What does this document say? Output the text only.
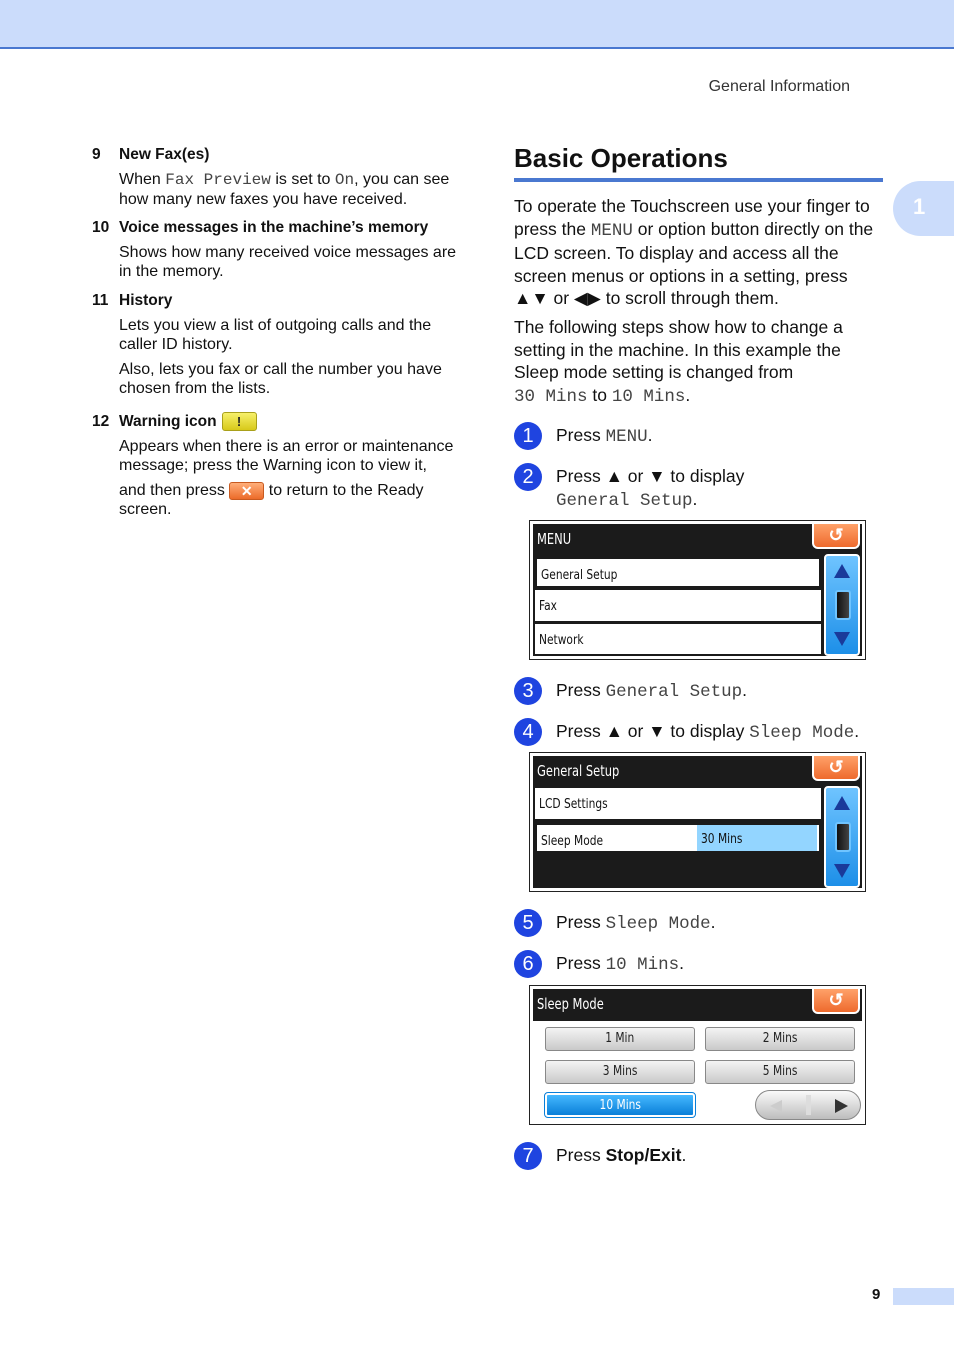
General Information
1
9	New Fax(es)

When Fax Preview is set to On, you can see how many new faxes you have received.

10 Voice messages in the machine’s memory

Shows how many received voice messages are in the memory.

11 History

Lets you view a list of outgoing calls and the caller ID history.

Also, lets you fax or call the number you have chosen from the lists.

12 Warning icon	!

Appears when there is an error or maintenance message; press the Warning icon to view it,

and then press ✕ to return to the Ready screen.

Basic Operations
To operate the Touchscreen use your finger to press the MENU or option button directly on the LCD screen. To display and access all the screen menus or options in a setting, press ▲▼ or ◀▶ to scroll through them.
The following steps show how to change a setting in the machine. In this example the Sleep mode setting is changed from
30 Mins to 10 Mins.
1	Press MENU.
2	Press ▲ or ▼ to display
General Setup.
MENU	↺
General Setup
Fax
Network
3	Press General Setup.
4	Press ▲ or ▼ to display Sleep Mode.
General Setup	↺
LCD Settings
Sleep Mode	30 Mins
5	Press Sleep Mode.
6	Press 10 Mins.
Sleep Mode	↺
1 Min	2 Mins
3 Mins	5 Mins
10 Mins
7	Press Stop/Exit.
9
